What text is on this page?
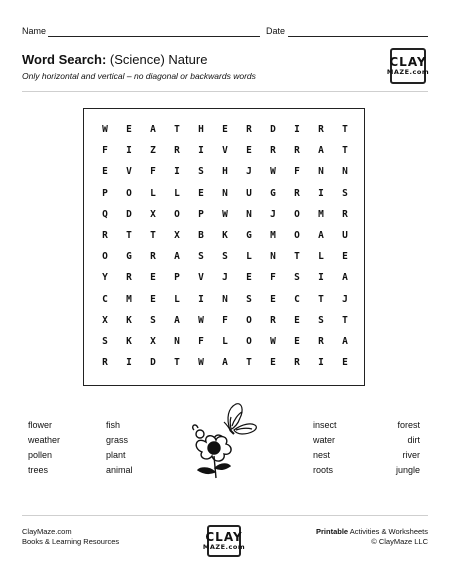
Name	Date
Word Search: (Science) Nature
Only horizontal and vertical – no diagonal or backwards words
CLAY
MAZE.com
W	E	A	T	H	E	R	D	I	R	T
F	I	Z	R	I	V	E	R	R	A	T
E	V	F	I	S	H	J	W	F	N	N
P	O	L	L	E	N	U	G	R	I	S
Q	D	X	O	P	W	N	J	O	M	R
R	T	T	X	B	K	G	M	O	A	U
O	G	R	A	S	S	L	N	T	L	E
Y	R	E	P	V	J	E	F	S	I	A
C	M	E	L	I	N	S	E	C	T	J
X	K	S	A	W	F	O	R	E	S	T
S	K	X	N	F	L	O	W	E	R	A
R	I	D	T	W	A	T	E	R	I	E
flower
weather
pollen
trees
fish
grass
plant
animal
insect
water
nest
roots
forest
dirt
river
jungle
ClayMaze.com
Books & Learning Resources	CLAY
MAZE.com
Printable Activities & Worksheets
© ClayMaze LLC
